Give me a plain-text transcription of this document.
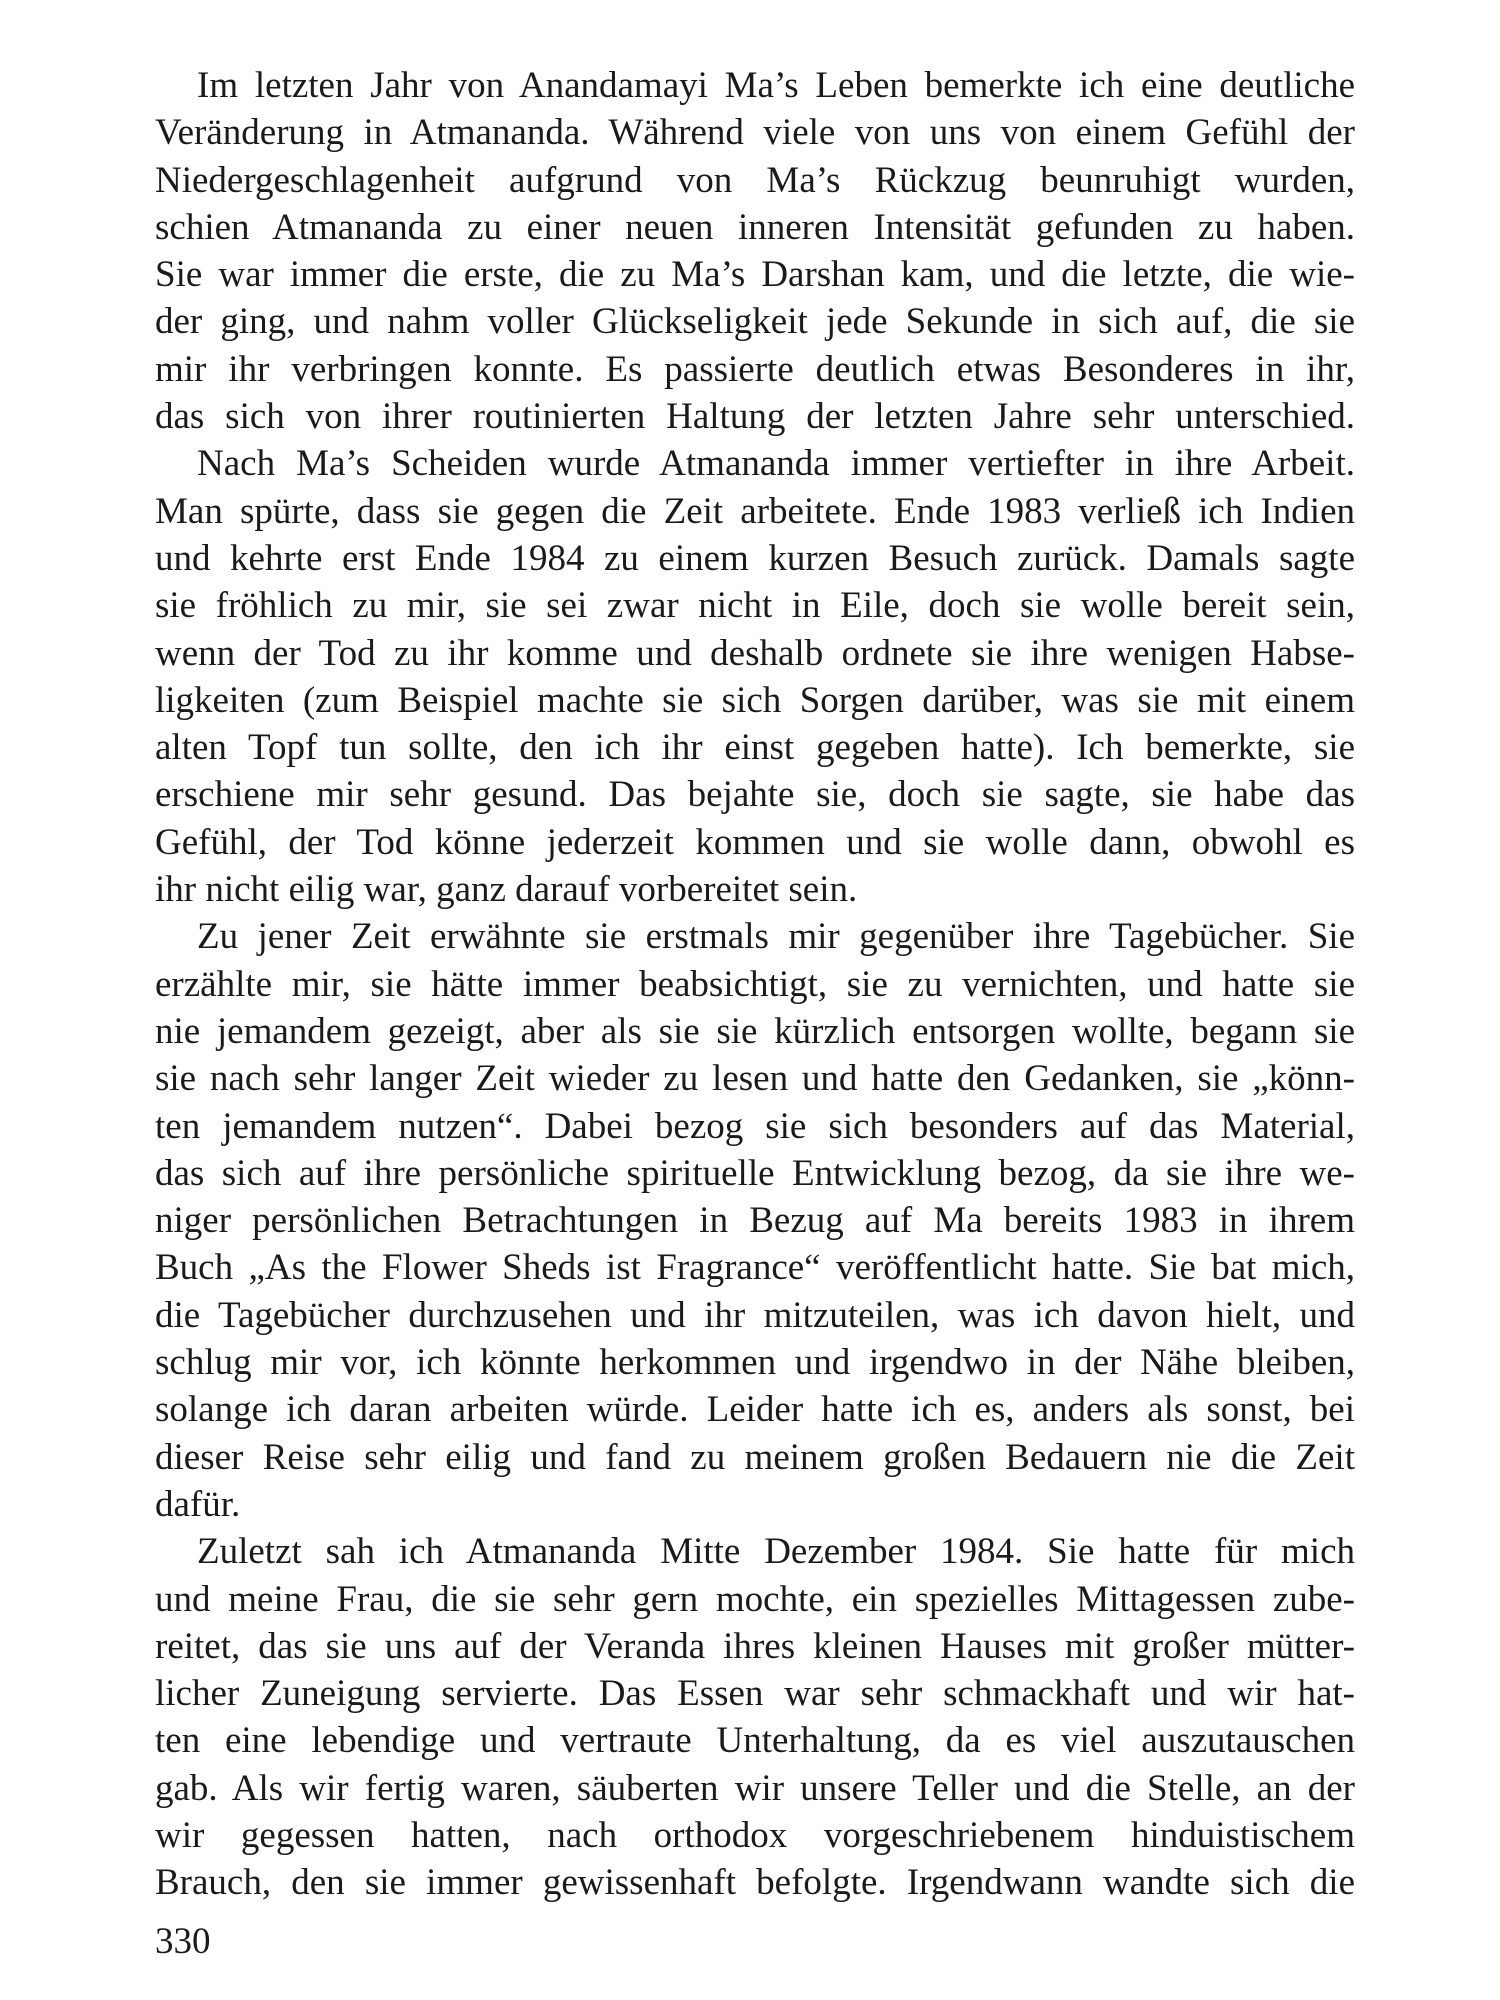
Im letzten Jahr von Anandamayi Ma’s Leben bemerkte ich eine deutliche
Veränderung in Atmananda. Während viele von uns von einem Gefühl der
Niedergeschlagenheit aufgrund von Ma’s Rückzug beunruhigt wurden,
schien Atmananda zu einer neuen inneren Intensität gefunden zu haben.
Sie war immer die erste, die zu Ma’s Darshan kam, und die letzte, die wie-
der ging, und nahm voller Glückseligkeit jede Sekunde in sich auf, die sie
mir ihr verbringen konnte. Es passierte deutlich etwas Besonderes in ihr,
das sich von ihrer routinierten Haltung der letzten Jahre sehr unterschied.
Nach Ma’s Scheiden wurde Atmananda immer vertiefter in ihre Arbeit.
Man spürte, dass sie gegen die Zeit arbeitete. Ende 1983 verließ ich Indien
und kehrte erst Ende 1984 zu einem kurzen Besuch zurück. Damals sagte
sie fröhlich zu mir, sie sei zwar nicht in Eile, doch sie wolle bereit sein,
wenn der Tod zu ihr komme und deshalb ordnete sie ihre wenigen Habse-
ligkeiten (zum Beispiel machte sie sich Sorgen darüber, was sie mit einem
alten Topf tun sollte, den ich ihr einst gegeben hatte). Ich bemerkte, sie
erschiene mir sehr gesund. Das bejahte sie, doch sie sagte, sie habe das
Gefühl, der Tod könne jederzeit kommen und sie wolle dann, obwohl es
ihr nicht eilig war, ganz darauf vorbereitet sein.
Zu jener Zeit erwähnte sie erstmals mir gegenüber ihre Tagebücher. Sie
erzählte mir, sie hätte immer beabsichtigt, sie zu vernichten, und hatte sie
nie jemandem gezeigt, aber als sie sie kürzlich entsorgen wollte, begann sie
sie nach sehr langer Zeit wieder zu lesen und hatte den Gedanken, sie „könn-
ten jemandem nutzen“. Dabei bezog sie sich besonders auf das Material,
das sich auf ihre persönliche spirituelle Entwicklung bezog, da sie ihre we-
niger persönlichen Betrachtungen in Bezug auf Ma bereits 1983 in ihrem
Buch „As the Flower Sheds ist Fragrance“ veröffentlicht hatte. Sie bat mich,
die Tagebücher durchzusehen und ihr mitzuteilen, was ich davon hielt, und
schlug mir vor, ich könnte herkommen und irgendwo in der Nähe bleiben,
solange ich daran arbeiten würde. Leider hatte ich es, anders als sonst, bei
dieser Reise sehr eilig und fand zu meinem großen Bedauern nie die Zeit
dafür.
Zuletzt sah ich Atmananda Mitte Dezember 1984. Sie hatte für mich
und meine Frau, die sie sehr gern mochte, ein spezielles Mittagessen zube-
reitet, das sie uns auf der Veranda ihres kleinen Hauses mit großer mütter-
licher Zuneigung servierte. Das Essen war sehr schmackhaft und wir hat-
ten eine lebendige und vertraute Unterhaltung, da es viel auszutauschen
gab. Als wir fertig waren, säuberten wir unsere Teller und die Stelle, an der
wir gegessen hatten, nach orthodox vorgeschriebenem hinduistischem
Brauch, den sie immer gewissenhaft befolgte. Irgendwann wandte sich die
330
